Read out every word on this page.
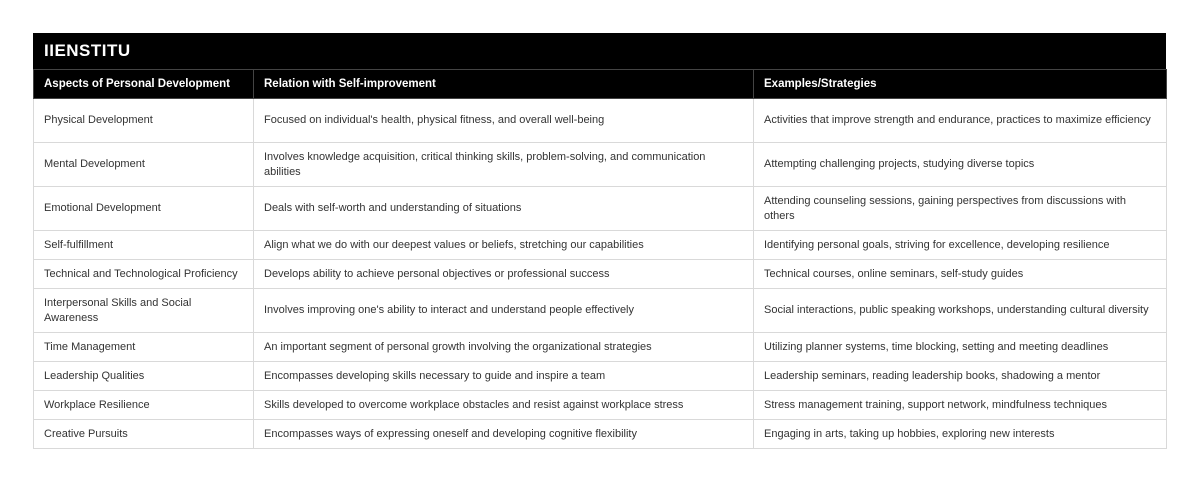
IIENSTITU
Aspects of Personal Development	Relation with Self-improvement	Examples/Strategies
Physical Development	Focused on individual's health, physical fitness, and overall well-being	Activities that improve strength and endurance, practices to maximize efficiency
Mental Development	Involves knowledge acquisition, critical thinking skills, problem-solving, and communication abilities	Attempting challenging projects, studying diverse topics
Emotional Development	Deals with self-worth and understanding of situations	Attending counseling sessions, gaining perspectives from discussions with others
Self-fulfillment	Align what we do with our deepest values or beliefs, stretching our capabilities	Identifying personal goals, striving for excellence, developing resilience
Technical and Technological Proficiency	Develops ability to achieve personal objectives or professional success	Technical courses, online seminars, self-study guides
Interpersonal Skills and Social Awareness	Involves improving one's ability to interact and understand people effectively	Social interactions, public speaking workshops, understanding cultural diversity
Time Management	An important segment of personal growth involving the organizational strategies	Utilizing planner systems, time blocking, setting and meeting deadlines
Leadership Qualities	Encompasses developing skills necessary to guide and inspire a team	Leadership seminars, reading leadership books, shadowing a mentor
Workplace Resilience	Skills developed to overcome workplace obstacles and resist against workplace stress	Stress management training, support network, mindfulness techniques
Creative Pursuits	Encompasses ways of expressing oneself and developing cognitive flexibility	Engaging in arts, taking up hobbies, exploring new interests
